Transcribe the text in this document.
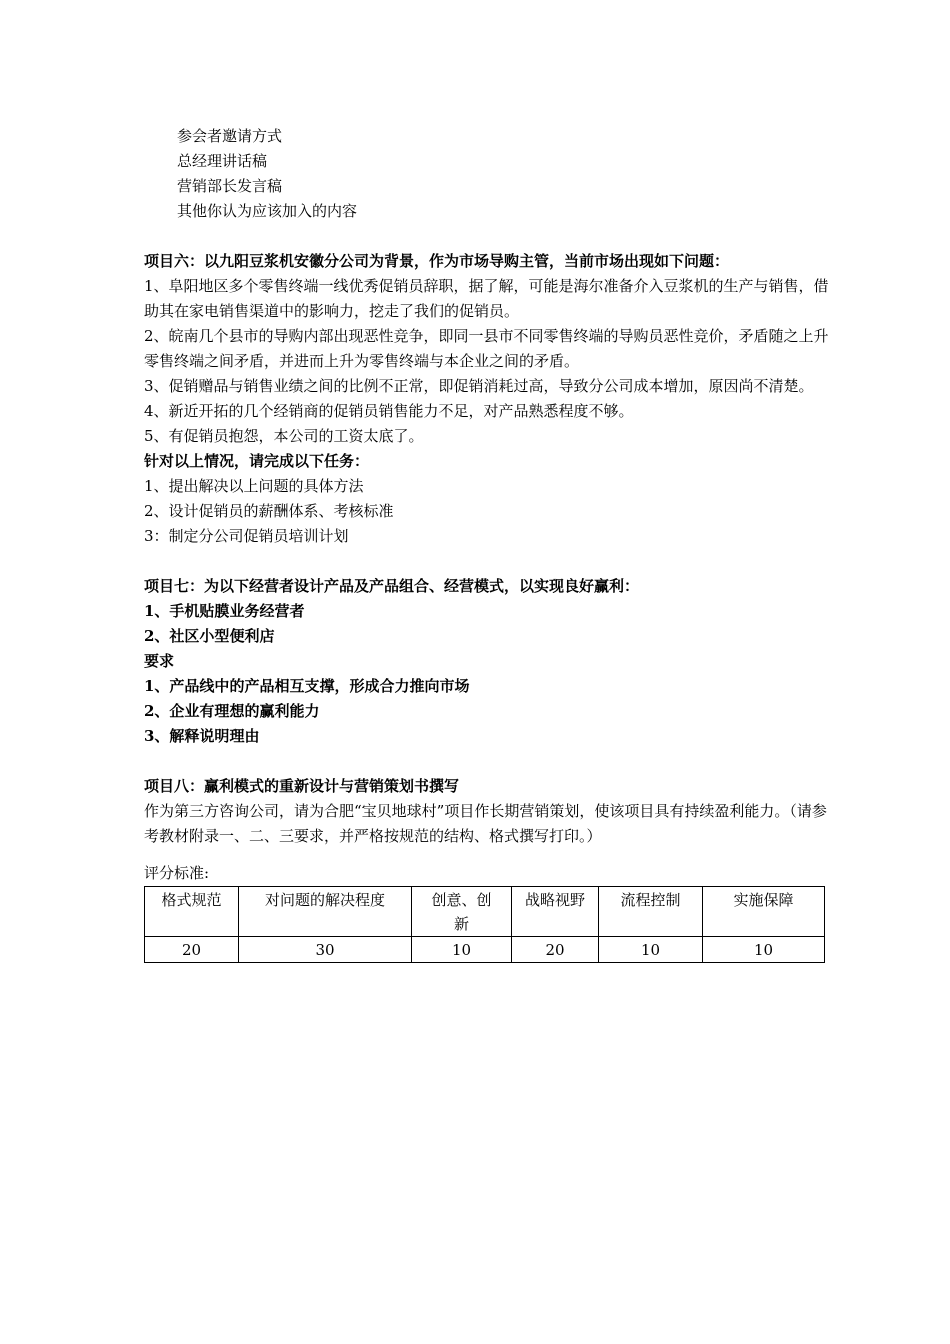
参会者邀请方式
总经理讲话稿
营销部长发言稿
其他你认为应该加入的内容
项目六：以九阳豆浆机安徽分公司为背景，作为市场导购主管，当前市场出现如下问题：
1、阜阳地区多个零售终端一线优秀促销员辞职，据了解，可能是海尔准备介入豆浆机的生产与销售，借助其在家电销售渠道中的影响力，挖走了我们的促销员。
2、皖南几个县市的导购内部出现恶性竞争，即同一县市不同零售终端的导购员恶性竞价，矛盾随之上升零售终端之间矛盾，并进而上升为零售终端与本企业之间的矛盾。
3、促销赠品与销售业绩之间的比例不正常，即促销消耗过高，导致分公司成本增加，原因尚不清楚。
4、新近开拓的几个经销商的促销员销售能力不足，对产品熟悉程度不够。
5、有促销员抱怨，本公司的工资太底了。
针对以上情况，请完成以下任务：
1、提出解决以上问题的具体方法
2、设计促销员的薪酬体系、考核标准
3：制定分公司促销员培训计划
项目七：为以下经营者设计产品及产品组合、经营模式，以实现良好赢利：
1、手机贴膜业务经营者
2、社区小型便利店
要求
1、产品线中的产品相互支撑，形成合力推向市场
2、企业有理想的赢利能力
3、解释说明理由
项目八：赢利模式的重新设计与营销策划书撰写
作为第三方咨询公司，请为合肥“宝贝地球村”项目作长期营销策划，使该项目具有持续盈利能力。（请参考教材附录一、二、三要求，并严格按规范的结构、格式撰写打印。）
评分标准:
格式规范	对问题的解决程度	创意、创新	战略视野	流程控制	实施保障
20	30	10	20	10	10
